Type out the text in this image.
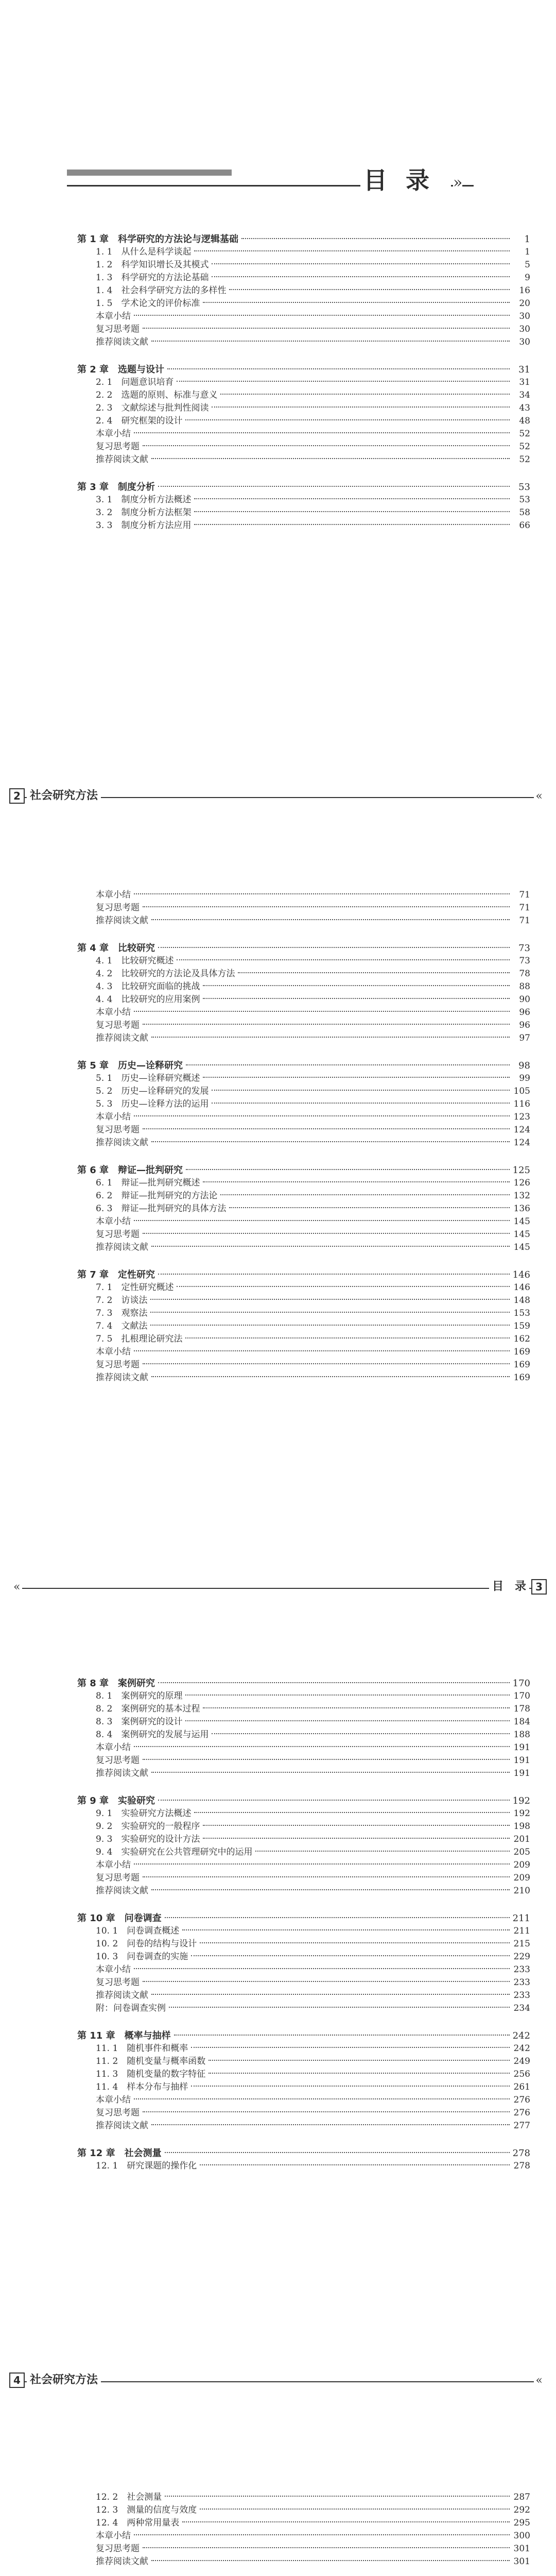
目录 »
第 1 章　科学研究的方法论与逻辑基础	1
1. 1　从什么是科学谈起	1
1. 2　科学知识增长及其模式	5
1. 3　科学研究的方法论基础	9
1. 4　社会科学研究方法的多样性	16
1. 5　学术论文的评价标准	20
本章小结	30
复习思考题	30
推荐阅读文献	30
第 2 章　选题与设计	31
2. 1　问题意识培育	31
2. 2　选题的原则、标准与意义	34
2. 3　文献综述与批判性阅读	43
2. 4　研究框架的设计	48
本章小结	52
复习思考题	52
推荐阅读文献	52
第 3 章　制度分析	53
3. 1　制度分析方法概述	53
3. 2　制度分析方法框架	58
3. 3　制度分析方法应用	66
«
2 社会研究方法
本章小结	71
复习思考题	71
推荐阅读文献	71
第 4 章　比较研究	73
4. 1　比较研究概述	73
4. 2　比较研究的方法论及具体方法	78
4. 3　比较研究面临的挑战	88
4. 4　比较研究的应用案例	90
本章小结	96
复习思考题	96
推荐阅读文献	97
第 5 章　历史—诠释研究	98
5. 1　历史—诠释研究概述	99
5. 2　历史—诠释研究的发展	105
5. 3　历史—诠释方法的运用	116
本章小结	123
复习思考题	124
推荐阅读文献	124
第 6 章　辩证—批判研究	125
6. 1　辩证—批判研究概述	126
6. 2　辩证—批判研究的方法论	132
6. 3　辩证—批判研究的具体方法	136
本章小结	145
复习思考题	145
推荐阅读文献	145
第 7 章　定性研究	146
7. 1　定性研究概述	146
7. 2　访谈法	148
7. 3　观察法	153
7. 4　文献法	159
7. 5　扎根理论研究法	162
本章小结	169
复习思考题	169
推荐阅读文献	169
«	3
目　录
第 8 章　案例研究	170
8. 1　案例研究的原理	170
8. 2　案例研究的基本过程	178
8. 3　案例研究的设计	184
8. 4　案例研究的发展与运用	188
本章小结	191
复习思考题	191
推荐阅读文献	191
第 9 章　实验研究	192
9. 1　实验研究方法概述	192
9. 2　实验研究的一般程序	198
9. 3　实验研究的设计方法	201
9. 4　实验研究在公共管理研究中的运用	205
本章小结	209
复习思考题	209
推荐阅读文献	210
第 10 章　问卷调查	211
10. 1　问卷调查概述	211
10. 2　问卷的结构与设计	215
10. 3　问卷调查的实施	229
本章小结	233
复习思考题	233
推荐阅读文献	233
附：问卷调查实例	234
第 11 章　概率与抽样	242
11. 1　随机事件和概率	242
11. 2　随机变量与概率函数	249
11. 3　随机变量的数字特征	256
11. 4　样本分布与抽样	261
本章小结	276
复习思考题	276
推荐阅读文献	277
第 12 章　社会测量	278
12. 1　研究课题的操作化	278
«
4 社会研究方法
12. 2　社会测量	287
12. 3　测量的信度与效度	292
12. 4　两种常用量表	295
本章小结	300
复习思考题	301
推荐阅读文献	301
